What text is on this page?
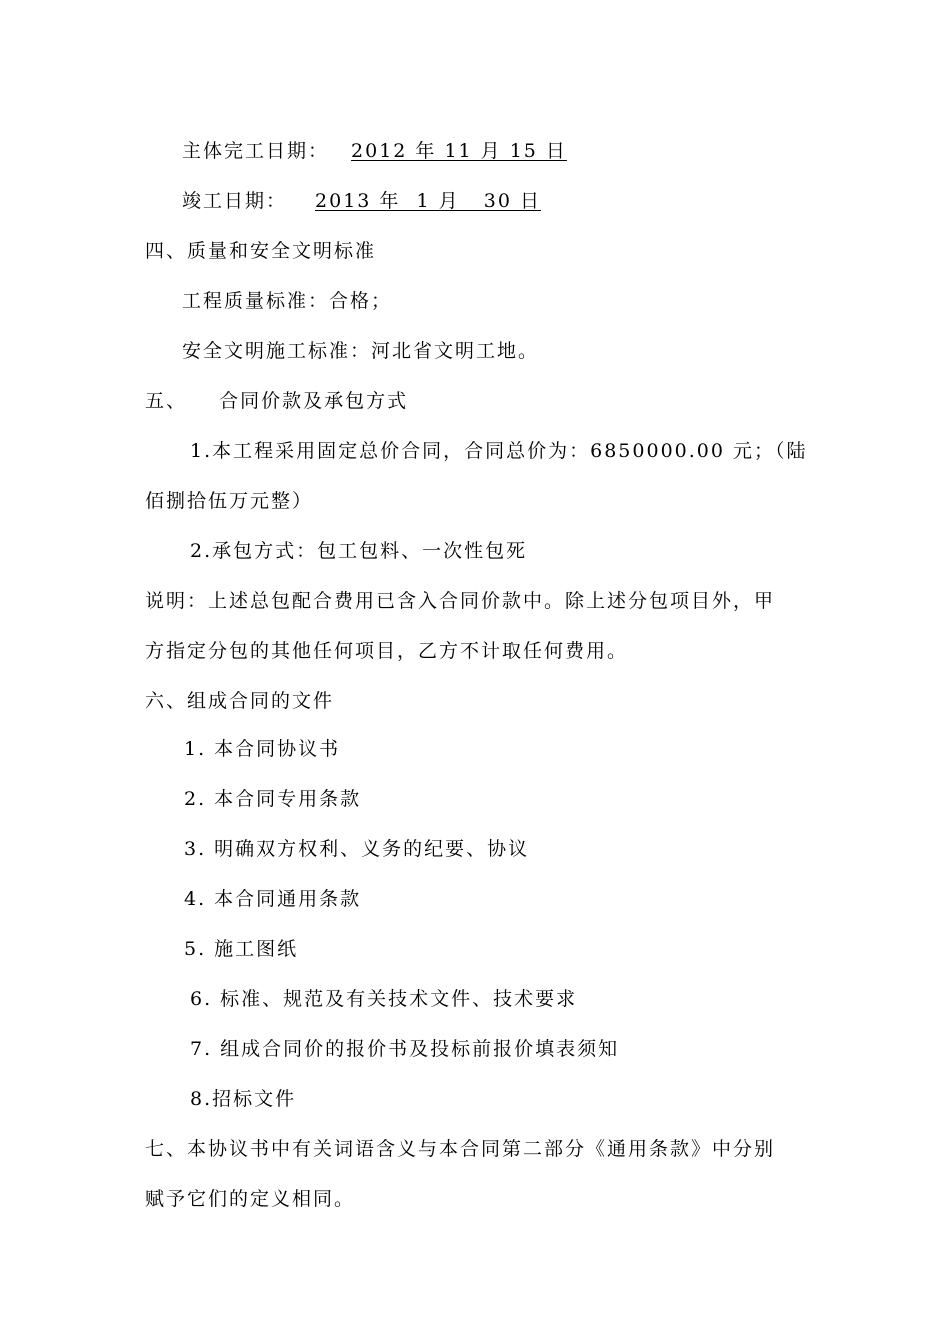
主体完工日期： 2012 年 11 月 15 日
竣工日期： 2013 年  1 月   30 日
四、质量和安全文明标准
工程质量标准：合格；
安全文明施工标准：河北省文明工地。
五、    合同价款及承包方式
1.本工程采用固定总价合同，合同总价为：6850000.00 元；（陆
佰捌拾伍万元整）
2.承包方式：包工包料、一次性包死
说明：上述总包配合费用已含入合同价款中。除上述分包项目外，甲
方指定分包的其他任何项目，乙方不计取任何费用。
六、组成合同的文件
1. 本合同协议书
2. 本合同专用条款
3. 明确双方权利、义务的纪要、协议
4. 本合同通用条款
5. 施工图纸
6. 标准、规范及有关技术文件、技术要求
7. 组成合同价的报价书及投标前报价填表须知
8.招标文件
七、本协议书中有关词语含义与本合同第二部分《通用条款》中分别
赋予它们的定义相同。
